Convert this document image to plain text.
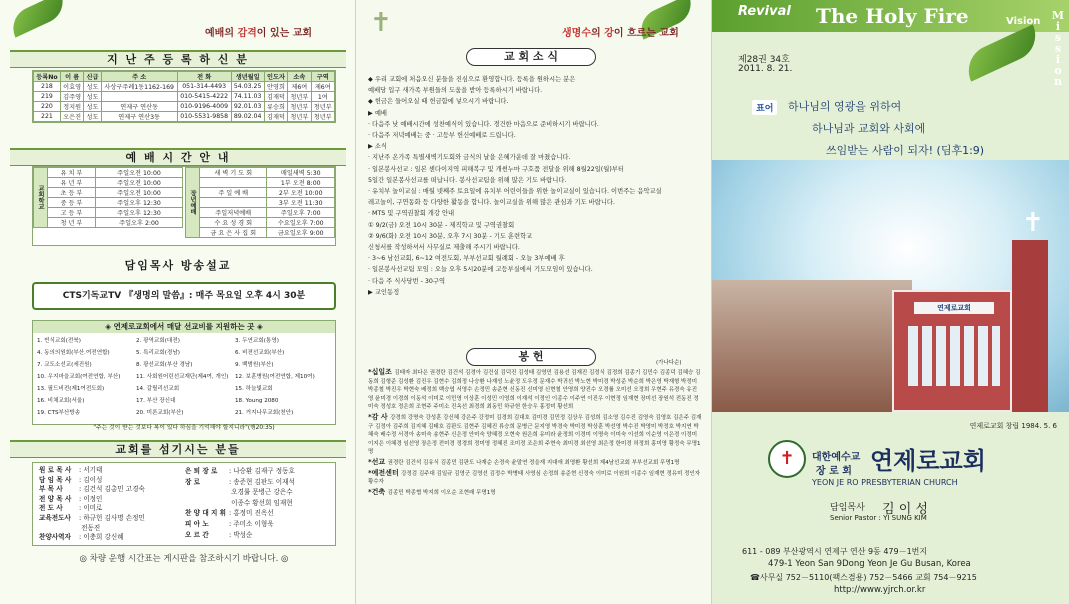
예배의 감격이 있는 교회
지 난 주 등 록 하 신 분
등록No	이 름	신급	주 소	전 화	생년월일	인도자	소속	구역
218	이효영	성도	사상구주례1동1162-169	051-314-4493	54.03.25	안영희	제6여	제6여
219	김주영	성도		010-5415-4222	74.11.03	김재덕	청년부	1여
220	정지원	성도	연제구 연산동	010-9196-4009	92.01.03	류승희	청년부	청년부
221	오은진	성도	연제구 연산3동	010-5531-9858	89.02.04	김재덕	청년부	청년부
예 배 시 간 안 내
교회학교	유 치 부	주일오전 10:00
	유 년 부	주일오전 10:00
	초 등 부	주일오전 10:00
	중 등 부	주일오후 12:30
	고 등 부	주일오후 12:30
	청 년 부	주일오후 2:00
장년예배	새 벽 기 도 회	매일새벽 5:30
		1부 오전 8:00
	주 일 예 배	2부 오전 10:00
		3부 오전 11:30
	주일저녁예배	주일오후 7:00
	수 요 성 경 회	수요일오후 7:00
	금 요 은 사 집 회	금요일오후 9:00
담임목사 방송설교
CTS기독교TV 『생명의 말씀』: 매주 목요일 오후 4시 30분
◈ 연제로교회에서 매달 선교비를 지원하는 곳 ◈
1. 빈식교회(전북)	2. 광역교회(대전)	3. 두연교회(통영)
4. 동의의원회(부산.여전연합)	5. 특리교회(경남)	6. 비젼선교회(부산)
7. 교도소선교(세진원)	8. 광선교회(부산 경남)	9. 백범원(부산)
10. 우지마을교회(여전연합, 부산)	11. 사회원어린선교재단(제4여, 개인)	12. 보훈병원(여전연합, 제10여)
13. 필드비전(제1여전도회)	14. 갈릴리선교회	15. 하늘빛교회
16. 비채교회(서울)	17. 부산 장신대	18. Young 2080
19. CTS부산방송	20. 미론교회(부산)	21. 거지나무교회(천안)
"주는 것이 받는 것보다 복이 있다 하심을 기억해야 할지니라"(행20:35)
교회를 섬기시는 분들
원 로 목 사 : 서기태
담 임 목 사 : 김이성
부 목 사 : 김건석 김총민 고경숙
전 양 목 사 : 이정인
전 도 사 : 이미로
교육전도사 : 하규헌 김사명 손정민
전동진
찬양사역자 : 이충희 강신혜
은 퇴 장 로 : 나승환 김재구 정동호
장 로	: 송준현 김판도 이재석
오경률 문병근 강은수
이종수 황선희 임재현
찬 양 대 지 휘 : 홍정미 진옥선
피 아 노	: 주미소 이형욱
오 르 간	: 박성순
◎ 차량 운행 시간표는 게시판을 참조하시기 바랍니다. ◎
✝	생명수의 강이 흐르는 교회
교 회 소 식
◆ 우리 교회에 처음오신 분들을 진심으로 환영합니다. 등록을 원하시는 분은
예배당 입구 새가족 부원들의 도움을 받아 등록하시기 바랍니다.
◆ 헌금은 들어오실 때 헌금함에 넣으시기 바랍니다.
▶ 예배
· 다음주 낮 예배시간에 성찬예식이 있습니다. 경건한 마음으로 준비하시기 바랍니다.
· 다음주 저녁예배는 중 · 고등부 헌신예배로 드립니다.
▶ 소식
· 지난주 온가족 특별새벽기도회와 금식의 날을 은혜가운데 잘 마쳤습니다.
· 일본봉사선교 : 일본 센다이지역 피해복구 및 개썬누마 구호품 전달을 위해 8월22일(월)부터
5일간 일본봉사선교를 떠납니다. 봉사선교팀을 위해 많은 기도 바랍니다.
· 유치부 놀이교실 : 매월 넷째주 토요일에 유치부 어린이들을 위한 놀이교실이 있습니다. 이번주는 음악교실
레고놀이, 구연동화 등 다양한 활동을 합니다. 놀이교실을 위해 많은 관심과 기도 바랍니다.
· MTS 및 구역권찰회 개강 안내
① 9/2(금) 오전 10시 30분 - 제직학교 및 구역권찰회
② 9/6(화) 오전 10시 30분, 오후 7시 30분 - 기도 훈련학교
신청서를 작성하셔서 사무실로 제출해 주시기 바랍니다.
· 3~6 남선교회, 6~12 여전도회, 부부선교회 월례회 - 오늘 3부예배 후
· 일본봉사선교팀 모임 : 오늘 오후 5시20분에 고등부실에서 기도모임이 있습니다.
· 다음 주 식사당번 - 30구역
▶ 교인동정
봉 헌	(가나다순)
*십일조 김태자 최다은 권경란 김건석 김경아 김건실 김덕진 김성태 김영민 김용선 김재진 김정식 김정희 김종기 김민수 김종덕 김혜승 김동희 김형준 김성환 김진우 김현수 김희정 나승환 나재성 노윤정 도우정 문재수 박귀선 박노현 박미경 박성준 박순희 박은영 박재형 박정미 박종철 박진우 박현숙 배정희 백승엽 서영수 손정민 송준현 신동진 신미영 신현철 안영희 양진수 오경률 오미선 오정희 우현주 유경숙 유진영 윤미경 이경희 이동석 이미로 이민영 이상훈 이성민 이영희 이재석 이정인 이종수 이주연 이진우 이현정 임재현 장미선 장원석 전동진 정미숙 정성호 정은희 조현주 주미소 진옥선 최경희 최동민 하규헌 한승우 홍정미 황선희
*감 사 강경희 강명숙 강성훈 강신혜 강은주 강정미 김경희 김대호 김미경 김민정 김상우 김성희 김소영 김수진 김영숙 김영호 김은주 김재구 김정아 김주희 김지혜 김태호 김판도 김현주 김혜진 류승희 문병근 문지영 박경숙 박미정 박상훈 박선영 박수진 박영미 박정호 박지연 박혜숙 배수정 서경아 송미숙 송현주 신은정 안미숙 양혜정 오현숙 원은희 유미라 윤정희 이경미 이명숙 이미숙 이선희 이순영 이은경 이정미 이지은 이혜경 임선영 장은정 전미경 정경희 정미영 정혜진 조미정 조은희 주현숙 최미경 최선영 최은정 한미경 허정희 홍미영 황정숙 무명1명
*선교 권경란 김건석 김유식 김종민 김판도 나재순 손정숙 윤말연 정을재 지대애 최영환 황선희 제4남선교회 부부선교회 무명1명
*예전센터 강정검 김주대 김일규 김영군 김영선 김정수 박병태 사영심 손정희 송준현 신정숙 이미로 이원희 이종수 임재현 정유미 정인자 황수자
*건축 김종민 박종협 박지희 이오순 조현래 무명1명
Revival The Holy Fire	Vision M
i
s
s
i
o
n
제28권 34호
2011. 8. 21.
표어	하나님의 영광을 위하여
하나님과 교회와 사회에
쓰임받는 사람이 되자! (딤후1:9)
연제로교회
✝
연제로교회 창립 1984. 5. 6
✝	대한예수교
장 로 회 연제로교회
YEON JE RO PRESBYTERIAN CHURCH
담임목사 김 이 성
Senior Pastor : YI SUNG KIM
611 - 089 부산광역시 연제구 연산 9동 479－1번지
479-1 Yeon San 9Dong Yeon Je Gu Busan, Korea
☎사무실 752－5110(팩스겸용) 752－5466 교회 754－9215
http://www.yjrch.or.kr
